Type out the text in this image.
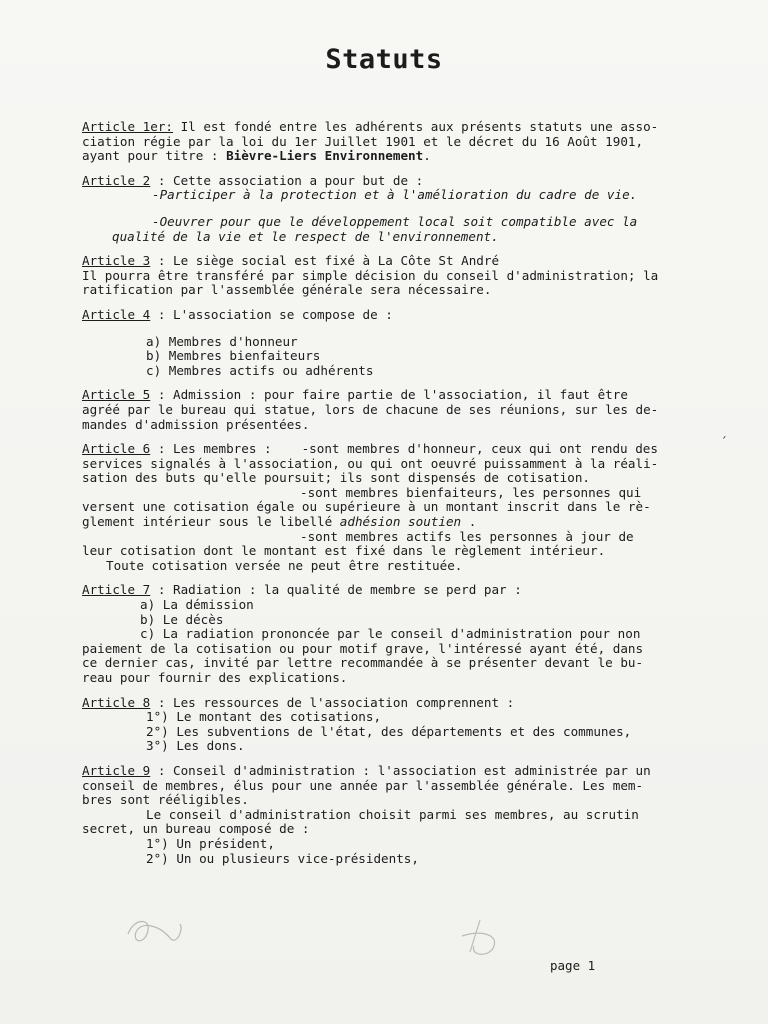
Statuts
Article 1er: Il est fondé entre les adhérents aux présents statuts une asso-
ciation régie par la loi du 1er Juillet 1901 et le décret du 16 Août 1901,
ayant pour titre : Bièvre-Liers Environnement.
Article 2 : Cette association a pour but de :
-Participer à la protection et à l'amélioration du cadre de vie.
-Oeuvrer pour que le développement local soit compatible avec la
qualité de la vie et le respect de l'environnement.
Article 3 : Le siège social est fixé à La Côte St André
Il pourra être transféré par simple décision du conseil d'administration; la
ratification par l'assemblée générale sera nécessaire.
Article 4 : L'association se compose de :
a) Membres d'honneur
b) Membres bienfaiteurs
c) Membres actifs ou adhérents
Article 5 : Admission : pour faire partie de l'association, il faut être
agréé par le bureau qui statue, lors de chacune de ses réunions, sur les de-
mandes d'admission présentées.
Article 6 : Les membres : -sont membres d'honneur, ceux qui ont rendu des
services signalés à l'association, ou qui ont oeuvré puissamment à la réali-
sation des buts qu'elle poursuit; ils sont dispensés de cotisation.
-sont membres bienfaiteurs, les personnes qui
versent une cotisation égale ou supérieure à un montant inscrit dans le rè-
glement intérieur sous le libellé adhésion soutien .
-sont membres actifs les personnes à jour de
leur cotisation dont le montant est fixé dans le règlement intérieur.
Toute cotisation versée ne peut être restituée.
Article 7 : Radiation : la qualité de membre se perd par :
a) La démission
b) Le décès
c) La radiation prononcée par le conseil d'administration pour non
paiement de la cotisation ou pour motif grave, l'intéressé ayant été, dans
ce dernier cas, invité par lettre recommandée à se présenter devant le bu-
reau pour fournir des explications.
Article 8 : Les ressources de l'association comprennent :
1°) Le montant des cotisations,
2°) Les subventions de l'état, des départements et des communes,
3°) Les dons.
Article 9 : Conseil d'administration : l'association est administrée par un
conseil de membres, élus pour une année par l'assemblée générale. Les mem-
bres sont rééligibles.
Le conseil d'administration choisit parmi ses membres, au scrutin
secret, un bureau composé de :
1°) Un président,
2°) Un ou plusieurs vice-présidents,
ˏ
page 1
